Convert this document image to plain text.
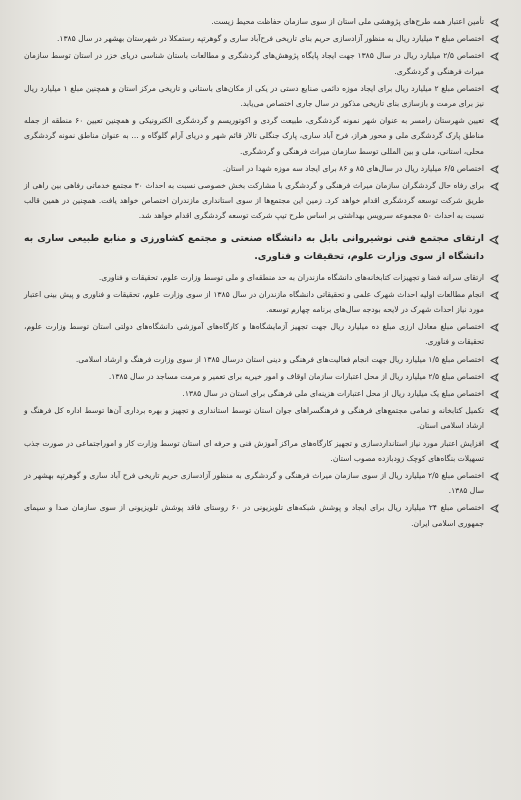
تأمین اعتبار همه طرح‌های پژوهشی ملی استان از سوی سازمان حفاظت محیط زیست.
اختصاص مبلغ ۳ میلیارد ریال به منظور آزادسازی حریم بنای تاریخی فرح‌آباد ساری و گوهرتپه رستمکلا در شهرستان بهشهر در سال ۱۳۸۵.
اختصاص ۲/۵ میلیارد ریال در سال ۱۳۸۵ جهت ایجاد پایگاه پژوهش‌های گردشگری و مطالعات باستان شناسی دریای خزر در استان توسط سازمان میراث فرهنگی و گردشگری.
اختصاص مبلغ ۲ میلیارد ریال برای ایجاد موزه دائمی صنایع دستی در یکی از مکان‌های باستانی و تاریخی مرکز استان و همچنین مبلغ ۱ میلیارد ریال نیز برای مرمت و بازسازی بنای تاریخی مذکور در سال جاری اختصاص می‌یابد.
تعیین شهرستان رامسر به عنوان شهر نمونه گردشگری، طبیعت گردی و اکوتوریسم و گردشگری الکترونیکی و همچنین تعیین ۶۰ منطقه از جمله مناطق پارک گردشگری ملی و محور هراز، فرح آباد ساری، پارک جنگلی تالار قائم شهر و دریای آرام گلوگاه و … به عنوان مناطق نمونه گردشگری محلی، استانی، ملی و بین المللی توسط سازمان میراث فرهنگی و گردشگری.
اختصاص ۶/۵ میلیارد ریال در سال‌های ۸۵ و ۸۶ برای ایجاد سه موزه شهدا در استان.
برای رفاه حال گردشگران سازمان میراث فرهنگی و گردشگری با مشارکت بخش خصوصی نسبت به احداث ۳۰ مجتمع خدماتی رفاهی بین راهی از طریق شرکت توسعه گردشگری اقدام خواهد کرد. زمین این مجتمع‌ها از سوی استانداری مازندران اختصاص خواهد یافت. همچنین در همین قالب نسبت به احداث ۵۰ مجموعه سرویس بهداشتی بر اساس طرح تیپ شرکت توسعه گردشگری اقدام خواهد شد.
ارتقای مجتمع فنی نوشیروانی بابل به دانشگاه صنعتی و مجتمع کشاورزی و منابع طبیعی ساری به دانشگاه از سوی وزارت علوم، تحقیقات و فناوری.
ارتقای سرانه فضا و تجهیزات کتابخانه‌های دانشگاه مازندران به حد منطقه‌ای و ملی توسط وزارت علوم، تحقیقات و فناوری.
انجام مطالعات اولیه احداث شهرک علمی و تحقیقاتی دانشگاه مازندران در سال ۱۳۸۵ از سوی وزارت علوم، تحقیقات و فناوری و پیش بینی اعتبار مورد نیاز احداث شهرک در لایحه بودجه سال‌های برنامه چهارم توسعه.
اختصاص مبلغ معادل ارزی مبلغ ده میلیارد ریال جهت تجهیز آزمایشگاه‌ها و کارگاه‌های آموزشی دانشگاه‌های دولتی استان توسط وزارت علوم، تحقیقات و فناوری.
اختصاص مبلغ ۱/۵ میلیارد ریال جهت انجام فعالیت‌های فرهنگی و دینی استان درسال ۱۳۸۵ از سوی وزارت فرهنگ و ارشاد اسلامی.
اختصاص مبلغ ۲/۵ میلیارد ریال از محل اعتبارات سازمان اوقاف و امور خیریه برای تعمیر و مرمت مساجد در سال ۱۳۸۵.
اختصاص مبلغ یک میلیارد ریال از محل اعتبارات هزینه‌ای ملی فرهنگی برای استان در سال ۱۳۸۵.
تکمیل کتابخانه و تمامی مجتمع‌های فرهنگی و فرهنگسراهای جوان استان توسط استانداری و تجهیز و بهره برداری آن‌ها توسط اداره کل فرهنگ و ارشاد اسلامی استان.
افزایش اعتبار مورد نیاز استانداردسازی و تجهیز کارگاه‌های مراکز آموزش فنی و حرفه ای استان توسط وزارت کار و اموراجتماعی در صورت جذب تسهیلات بنگاه‌های کوچک زودبازده مصوب استان.
اختصاص مبلغ ۲/۵ میلیارد ریال از سوی سازمان میراث فرهنگی و گردشگری به منظور آزادسازی حریم تاریخی فرح آباد ساری و گوهرتپه بهشهر در سال ۱۳۸۵.
اختصاص مبلغ ۲۴ میلیارد ریال برای ایجاد و پوشش شبکه‌های تلویزیونی در ۶۰ روستای فاقد پوشش تلویزیونی از سوی سازمان صدا و سیمای جمهوری اسلامی ایران.
